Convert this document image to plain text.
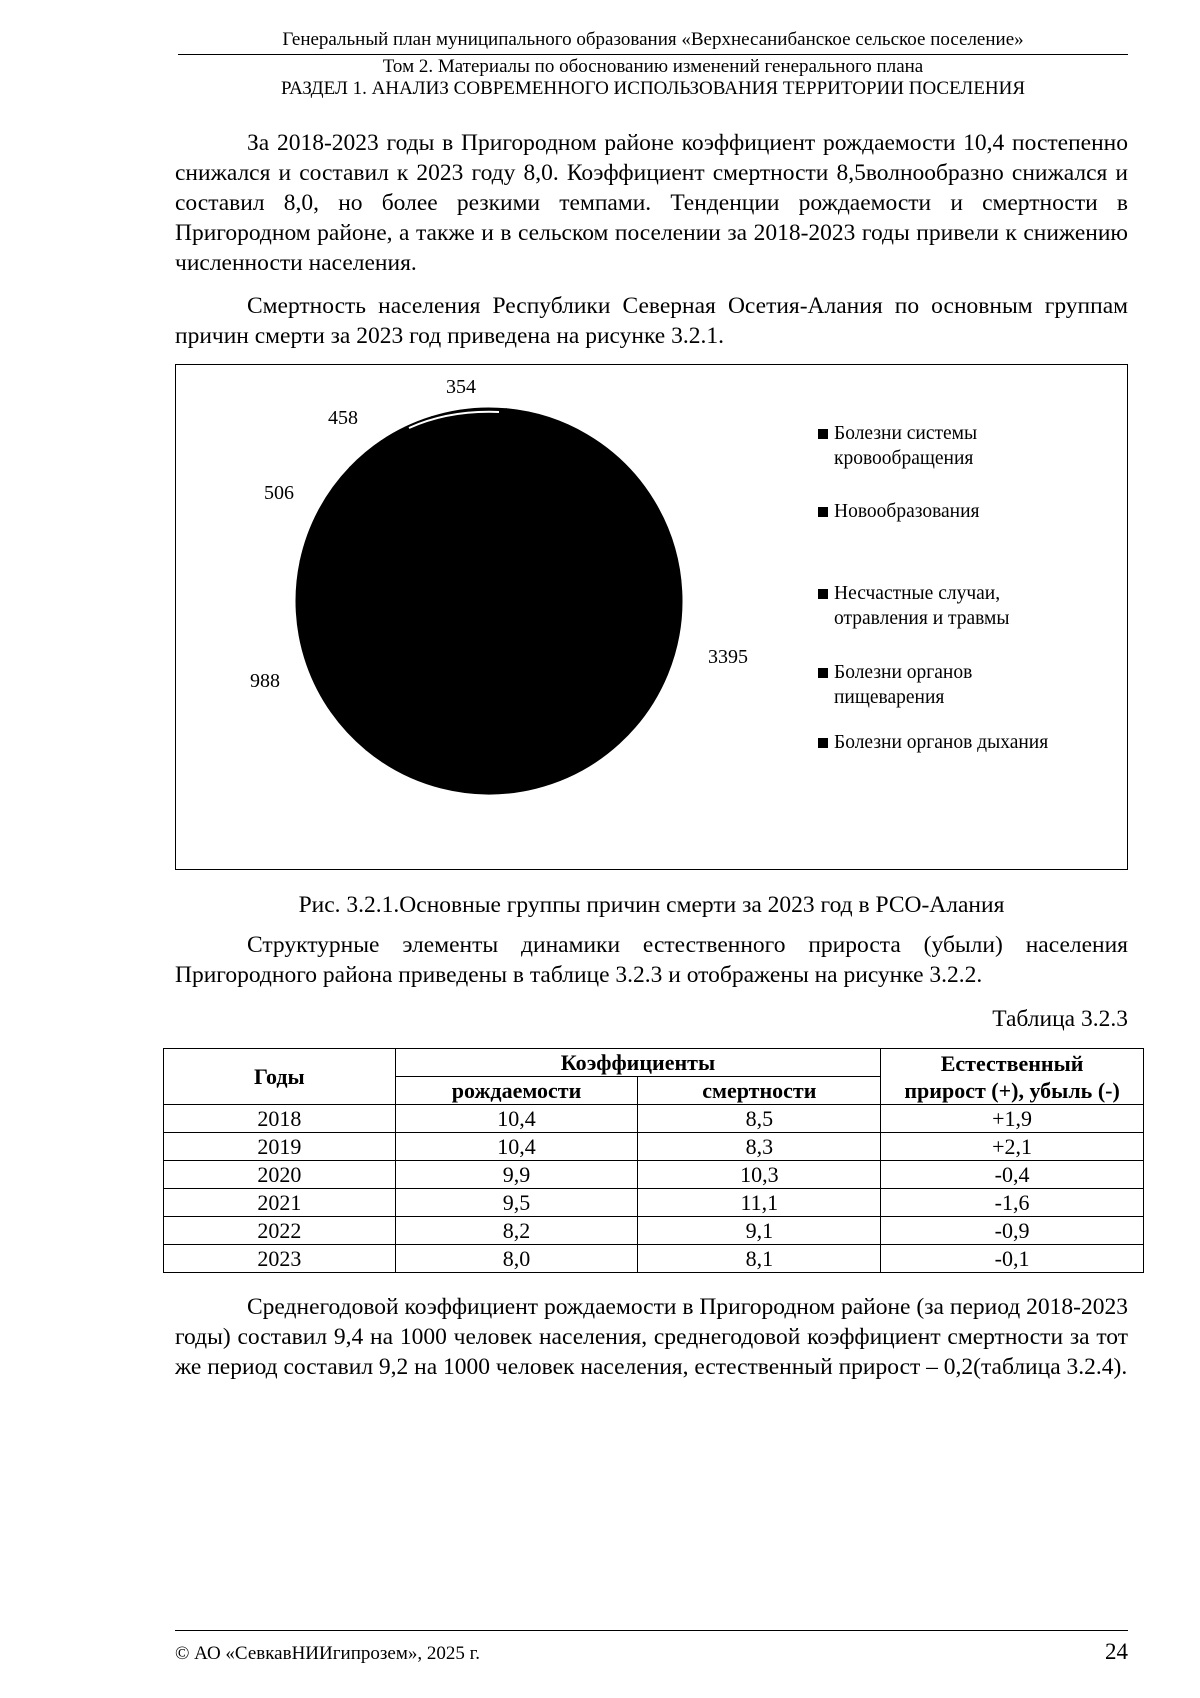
Генеральный план муниципального образования «Верхнесанибанское сельское поселение»
Том 2. Материалы по обоснованию изменений генерального плана
РАЗДЕЛ 1. АНАЛИЗ СОВРЕМЕННОГО ИСПОЛЬЗОВАНИЯ ТЕРРИТОРИИ ПОСЕЛЕНИЯ

За 2018-2023 годы в Пригородном районе коэффициент рождаемости 10,4 постепенно снижался и составил к 2023 году 8,0. Коэффициент смертности 8,5волнообразно снижался и составил 8,0, но более резкими темпами. Тенденции рождаемости и смертности в Пригородном районе, а также и в сельском поселении за 2018-2023 годы привели к снижению численности населения.

Смертность населения Республики Северная Осетия-Алания по основным группам причин смерти за 2023 год приведена на рисунке 3.2.1.

3395
988
506
458
354
Болезни системы
кровообращения
Новообразования
Несчастные случаи,
отравления и травмы
Болезни органов
пищеварения
Болезни органов дыхания

Рис. 3.2.1.Основные группы причин смерти за 2023 год в РСО-Алания

Структурные элементы динамики естественного прироста (убыли) населения Пригородного района приведены в таблице 3.2.3 и отображены на рисунке 3.2.2.

Таблица 3.2.3

Годы	Коэффициенты		Естественный
прирост (+), убыль (-)

	рождаемости	смертности	
2018	10,4	8,5	+1,9
2019	10,4	8,3	+2,1
2020	9,9	10,3	-0,4
2021	9,5	11,1	-1,6
2022	8,2	9,1	-0,9
2023	8,0	8,1	-0,1

Среднегодовой коэффициент рождаемости в Пригородном районе (за период 2018-2023 годы) составил 9,4 на 1000 человек населения, среднегодовой коэффициент смертности за тот же период составил 9,2 на 1000 человек населения, естественный прирост – 0,2(таблица 3.2.4).

© АО «СевкавНИИгипрозем», 2025 г.	24
